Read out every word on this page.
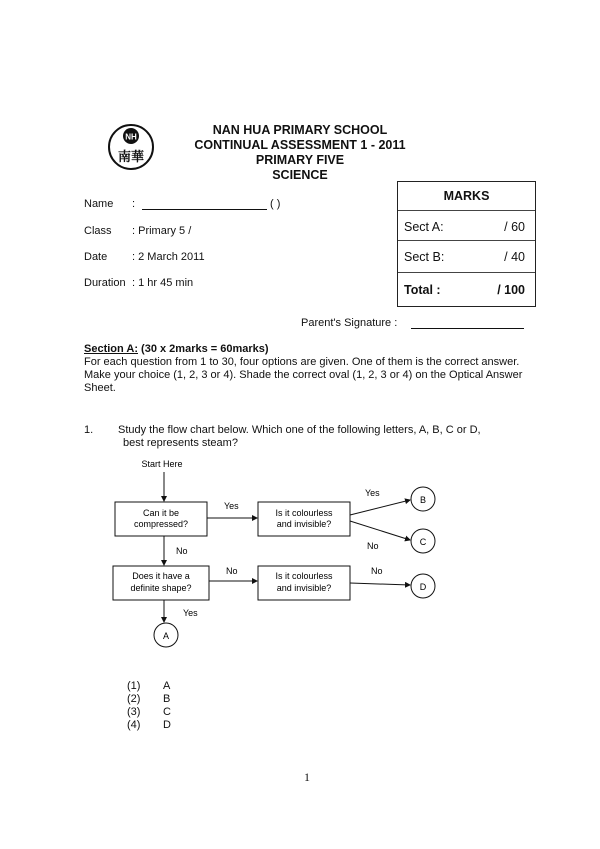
NH
南華
NAN HUA PRIMARY SCHOOL
CONTINUAL ASSESSMENT 1 - 2011
PRIMARY FIVE
SCIENCE
Name :	( )
Class : Primary 5 /
Date : 2 March 2011
Duration : 1 hr 45 min
MARKS
Sect A:	/ 60
Sect B:	/ 40
Total :	/ 100
Parent's Signature :
Section A: (30 x 2marks = 60marks)
For each question from 1 to 30, four options are given. One of them is the correct answer. Make your choice (1, 2, 3 or 4). Shade the correct oval (1, 2, 3 or 4) on the Optical Answer Sheet.
1. Study the flow chart below. Which one of the following letters, A, B, C or D,
best represents steam?
Start Here
Can it be
compressed?
Yes
Is it colourless
and invisible?
Yes
No
B
C
No
Does it have a
definite shape?
No	Is it colourless
and invisible?
No
D
Yes
A
(1) A
(2) B
(3) C
(4) D
1
